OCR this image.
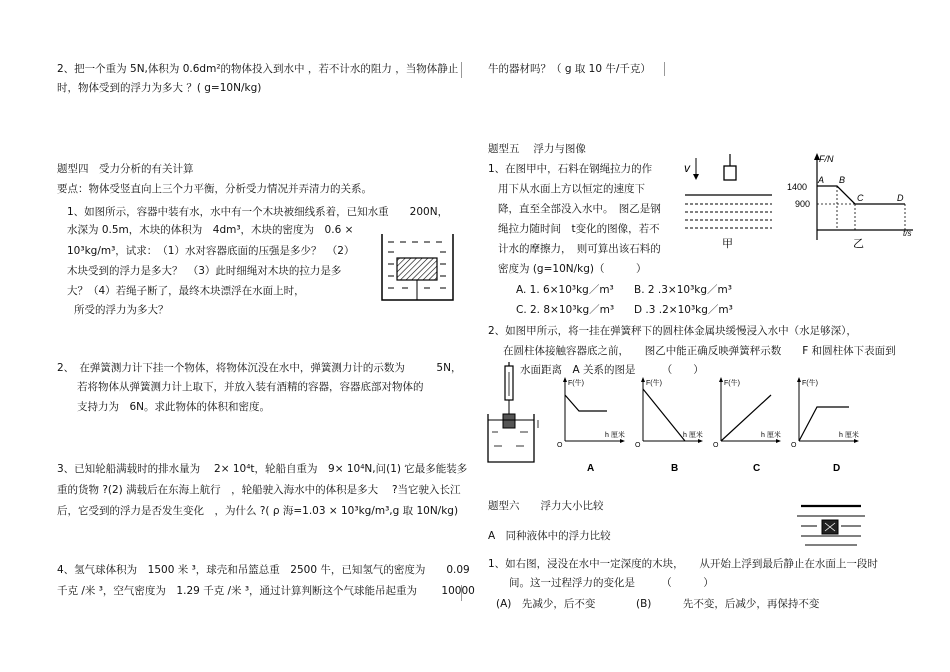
2、把一个重为 5N,体积为 0.6dm²的物体投入到水中 ，若不计水的阻力 ，当物体静止
时，物体受到的浮力为多大 ？( g=10N/kg)
题型四　受力分析的有关计算
要点：物体受竖直向上三个力平衡，分析受力情况并弄清力的关系。
1、如图所示，容器中装有水，水中有一个木块被细线系着，已知水重　　200N，
水深为 0.5m，木块的体积为　4dm³，木块的密度为　0.6 ×
10³kg/m³，试求：　（1）水对容器底面的压强是多少？　（2）
木块受到的浮力是多大？　（3）此时细绳对木块的拉力是多
大？（4）若绳子断了，最终木块漂浮在水面上时，
所受的浮力为多大？
2、　在弹簧测力计下挂一个物体，将物体沉没在水中，弹簧测力计的示数为　　　5N，
若将物体从弹簧测力计上取下，并放入装有酒精的容器，容器底部对物体的
支持力为　6N。求此物体的体积和密度。
3、已知轮船满载时的排水量为　 2× 10⁴t，轮船自重为　9× 10⁴N,问(1) 它最多能装多
重的货物 ?(2) 满载后在东海上航行　，轮船驶入海水中的体积是多大　 ?当它驶入长江
后，它受到的浮力是否发生变化　，为什么 ?( ρ 海=1.03 × 10³kg/m³,g 取 10N/kg)
4、氢气球体积为　1500 米 ³，球壳和吊篮总重　2500 牛，已知氢气的密度为　　0.09
千克 /米 ³，空气密度为　1.29 千克 /米 ³，通过计算判断这个气球能吊起重为　　 10000
牛的器材吗？（ g 取 10 牛/千克）
题型五　 浮力与图像
1、在图甲中，石料在钢绳拉力的作
用下从水面上方以恒定的速度下
降，直至全部没入水中。　图乙是钢
绳拉力随时间　t变化的图像，若不
计水的摩擦力，　则可算出该石料的
密度为 (g=10N/kg)（　　　）
A. 1. 6×10³kg／m³ B. 2 .3×10³kg／m³
C. 2. 8×10³kg／m³ D .3 .2×10³kg／m³
v
甲
F/N
1400
900
A B
C	D
t/s
乙
2、如图甲所示，将一挂在弹簧秤下的圆柱体金属块缓慢浸入水中（水足够深），
在圆柱体接触容器底之前，　　图乙中能正确反映弹簧秤示数　　F 和圆柱体下表面到
水面距离　A 关系的图是　　　（　　）
F(牛)
h 厘米
O
A
F(牛)
h 厘米
O
B
F(牛)
h 厘米
O
C
F(牛)
h 厘米
O
D
题型六　　浮力大小比较
A　同种液体中的浮力比较
1、如右图，浸没在水中一定深度的木块，　　从开始上浮到最后静止在水面上一段时
间。这一过程浮力的变化是　　　（　　　）
(A)　先减少，后不变	(B)　　　先不变，后减少，再保持不变
